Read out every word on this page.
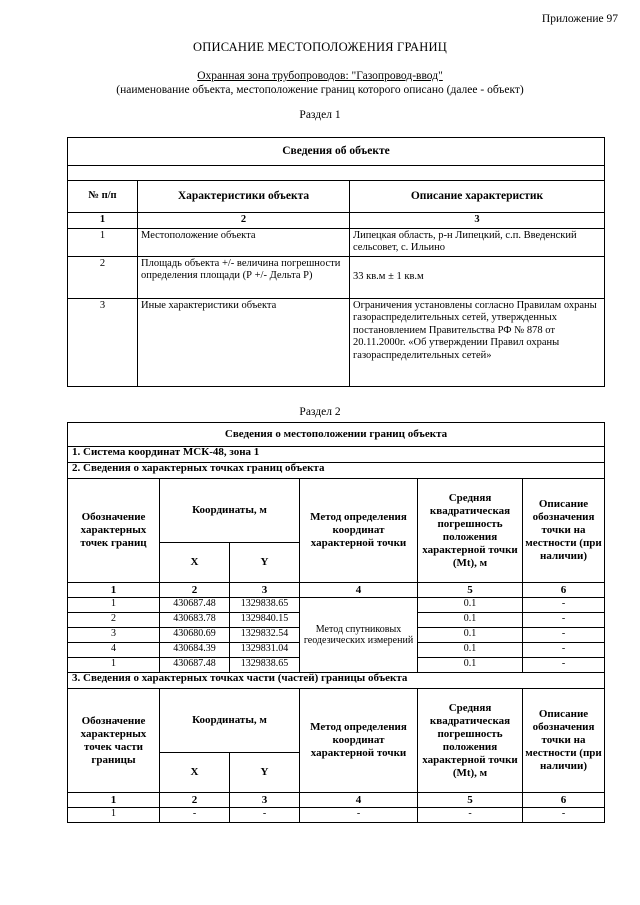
Приложение 97
ОПИСАНИЕ МЕСТОПОЛОЖЕНИЯ ГРАНИЦ
Охранная зона трубопроводов: "Газопровод-ввод"
(наименование объекта, местоположение границ которого описано (далее - объект)
Раздел 1
Сведения об объекте		

№ п/п	Характеристики объекта	Описание характеристик
1	2	3
1	Местоположение объекта	Липецкая область, р-н Липецкий, с.п. Введенский сельсовет, с. Ильино
2	Площадь объекта +/- величина погрешности определения площади (Р +/- Дельта Р)	33 кв.м ± 1 кв.м
3	Иные характеристики объекта	Ограничения установлены согласно Правилам охраны газораспределительных сетей, утвержденных постановлением Правительства РФ № 878 от 20.11.2000г. «Об утверждении Правил охраны газораспределительных сетей»
Раздел 2
Сведения о местоположении границ объекта					
1. Система координат МСК-48, зона 1					
2. Сведения о характерных точках границ объекта					
Обозначение характерных точек границ	Координаты, м		Метод определения координат характерной точки	Средняя квадратическая погрешность положения характерной точки (Mt), м	Описание обозначения точки на местности (при наличии)
	X	Y			
1	2	3	4	5	6
1	430687.48	1329838.65	Метод спутниковых геодезических измерений	0.1	-
2	430683.78	1329840.15		0.1	-
3	430680.69	1329832.54		0.1	-
4	430684.39	1329831.04		0.1	-
1	430687.48	1329838.65		0.1	-
3. Сведения о характерных точках части (частей) границы объекта					
Обозначение характерных точек части границы	Координаты, м		Метод определения координат характерной точки	Средняя квадратическая погрешность положения характерной точки (Mt), м	Описание обозначения точки на местности (при наличии)
	X	Y			
1	2	3	4	5	6
1	-	-	-	-	-
